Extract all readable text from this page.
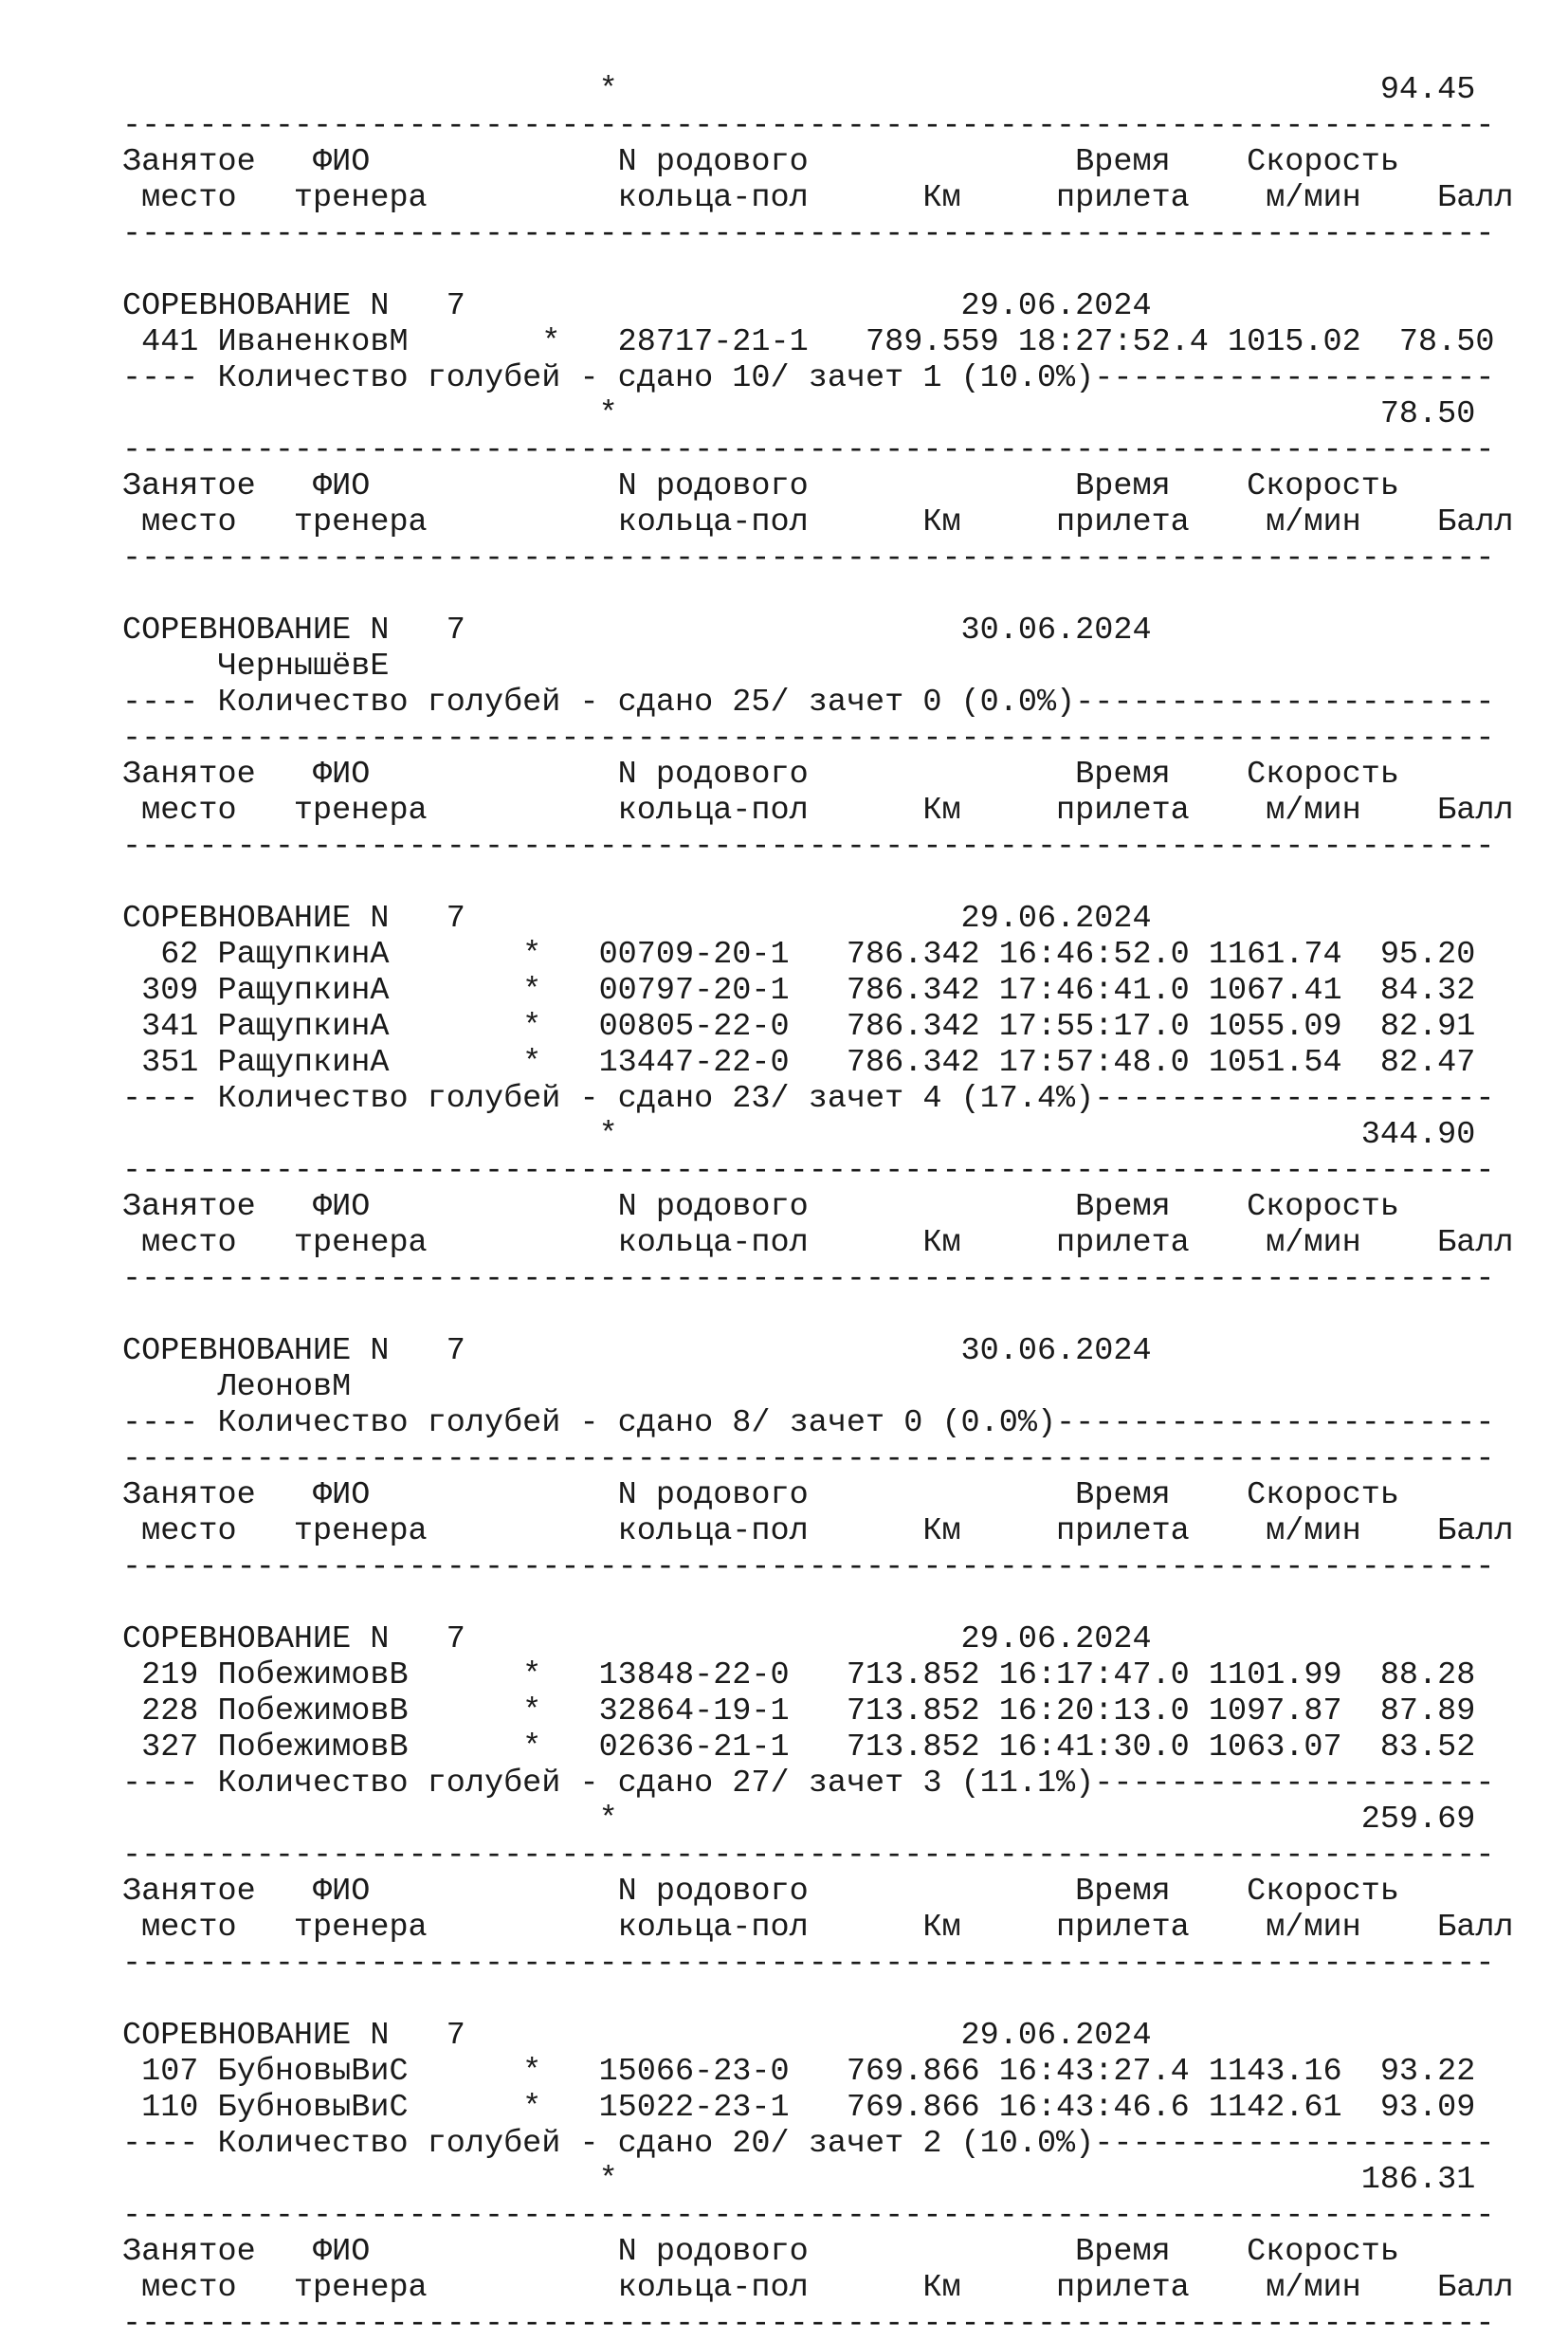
*                                        94.45
------------------------------------------------------------------------
Занятое   ФИО             N родового              Время    Скорость
место   тренера          кольца-пол      Км     прилета    м/мин    Балл
------------------------------------------------------------------------
СОРЕВНОВАНИЕ N   7                          29.06.2024
441 ИваненковМ       *   28717-21-1   789.559 18:27:52.4 1015.02  78.50
---- Количество голубей - сдано 10/ зачет 1 (10.0%)---------------------
*                                        78.50
------------------------------------------------------------------------
Занятое   ФИО             N родового              Время    Скорость
место   тренера          кольца-пол      Км     прилета    м/мин    Балл
------------------------------------------------------------------------
СОРЕВНОВАНИЕ N   7                          30.06.2024
ЧернышёвЕ
---- Количество голубей - сдано 25/ зачет 0 (0.0%)----------------------
------------------------------------------------------------------------
Занятое   ФИО             N родового              Время    Скорость
место   тренера          кольца-пол      Км     прилета    м/мин    Балл
------------------------------------------------------------------------
СОРЕВНОВАНИЕ N   7                          29.06.2024
62 РащупкинА       *   00709-20-1   786.342 16:46:52.0 1161.74  95.20
309 РащупкинА       *   00797-20-1   786.342 17:46:41.0 1067.41  84.32
341 РащупкинА       *   00805-22-0   786.342 17:55:17.0 1055.09  82.91
351 РащупкинА       *   13447-22-0   786.342 17:57:48.0 1051.54  82.47
---- Количество голубей - сдано 23/ зачет 4 (17.4%)---------------------
*                                       344.90
------------------------------------------------------------------------
Занятое   ФИО             N родового              Время    Скорость
место   тренера          кольца-пол      Км     прилета    м/мин    Балл
------------------------------------------------------------------------
СОРЕВНОВАНИЕ N   7                          30.06.2024
ЛеоновМ
---- Количество голубей - сдано 8/ зачет 0 (0.0%)-----------------------
------------------------------------------------------------------------
Занятое   ФИО             N родового              Время    Скорость
место   тренера          кольца-пол      Км     прилета    м/мин    Балл
------------------------------------------------------------------------
СОРЕВНОВАНИЕ N   7                          29.06.2024
219 ПобежимовВ      *   13848-22-0   713.852 16:17:47.0 1101.99  88.28
228 ПобежимовВ      *   32864-19-1   713.852 16:20:13.0 1097.87  87.89
327 ПобежимовВ      *   02636-21-1   713.852 16:41:30.0 1063.07  83.52
---- Количество голубей - сдано 27/ зачет 3 (11.1%)---------------------
*                                       259.69
------------------------------------------------------------------------
Занятое   ФИО             N родового              Время    Скорость
место   тренера          кольца-пол      Км     прилета    м/мин    Балл
------------------------------------------------------------------------
СОРЕВНОВАНИЕ N   7                          29.06.2024
107 БубновыВиС      *   15066-23-0   769.866 16:43:27.4 1143.16  93.22
110 БубновыВиС      *   15022-23-1   769.866 16:43:46.6 1142.61  93.09
---- Количество голубей - сдано 20/ зачет 2 (10.0%)---------------------
*                                       186.31
------------------------------------------------------------------------
Занятое   ФИО             N родового              Время    Скорость
место   тренера          кольца-пол      Км     прилета    м/мин    Балл
------------------------------------------------------------------------
